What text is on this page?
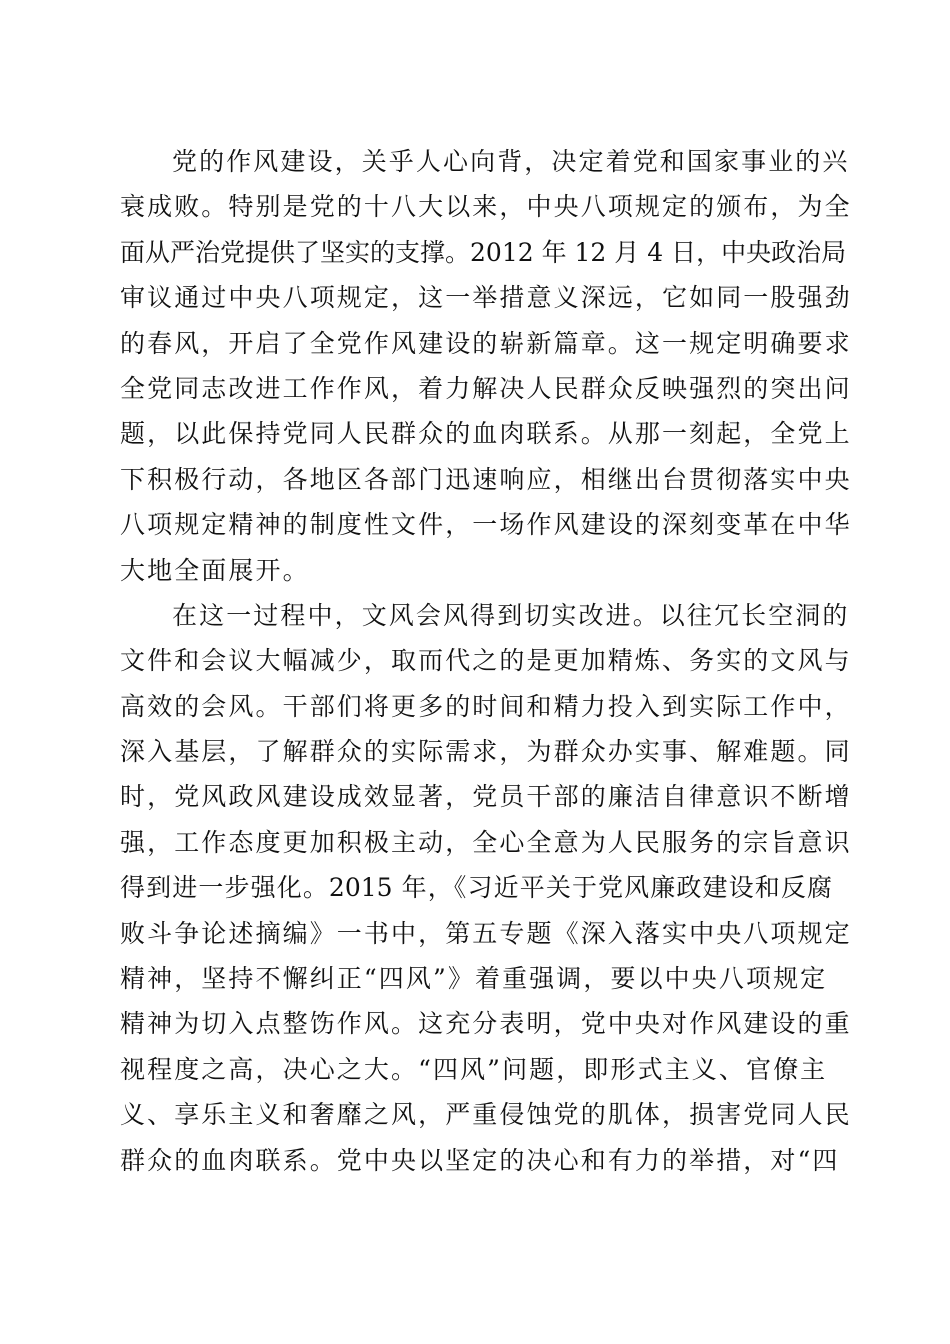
党的作风建设，关乎人心向背，决定着党和国家事业的兴
衰成败。特别是党的十八大以来，中央八项规定的颁布，为全
面从严治党提供了坚实的支撑。2012 年 12 月 4 日，中央政治局
审议通过中央八项规定，这一举措意义深远，它如同一股强劲
的春风，开启了全党作风建设的崭新篇章。这一规定明确要求
全党同志改进工作作风，着力解决人民群众反映强烈的突出问
题，以此保持党同人民群众的血肉联系。从那一刻起，全党上
下积极行动，各地区各部门迅速响应，相继出台贯彻落实中央
八项规定精神的制度性文件，一场作风建设的深刻变革在中华
大地全面展开。
在这一过程中，文风会风得到切实改进。以往冗长空洞的
文件和会议大幅减少，取而代之的是更加精炼、务实的文风与
高效的会风。干部们将更多的时间和精力投入到实际工作中，
深入基层，了解群众的实际需求，为群众办实事、解难题。同
时，党风政风建设成效显著，党员干部的廉洁自律意识不断增
强，工作态度更加积极主动，全心全意为人民服务的宗旨意识
得到进一步强化。2015 年，《习近平关于党风廉政建设和反腐
败斗争论述摘编》一书中，第五专题《深入落实中央八项规定
精神，坚持不懈纠正“四风”》着重强调，要以中央八项规定
精神为切入点整饬作风。这充分表明，党中央对作风建设的重
视程度之高，决心之大。“四风”问题，即形式主义、官僚主
义、享乐主义和奢靡之风，严重侵蚀党的肌体，损害党同人民
群众的血肉联系。党中央以坚定的决心和有力的举措，对“四
